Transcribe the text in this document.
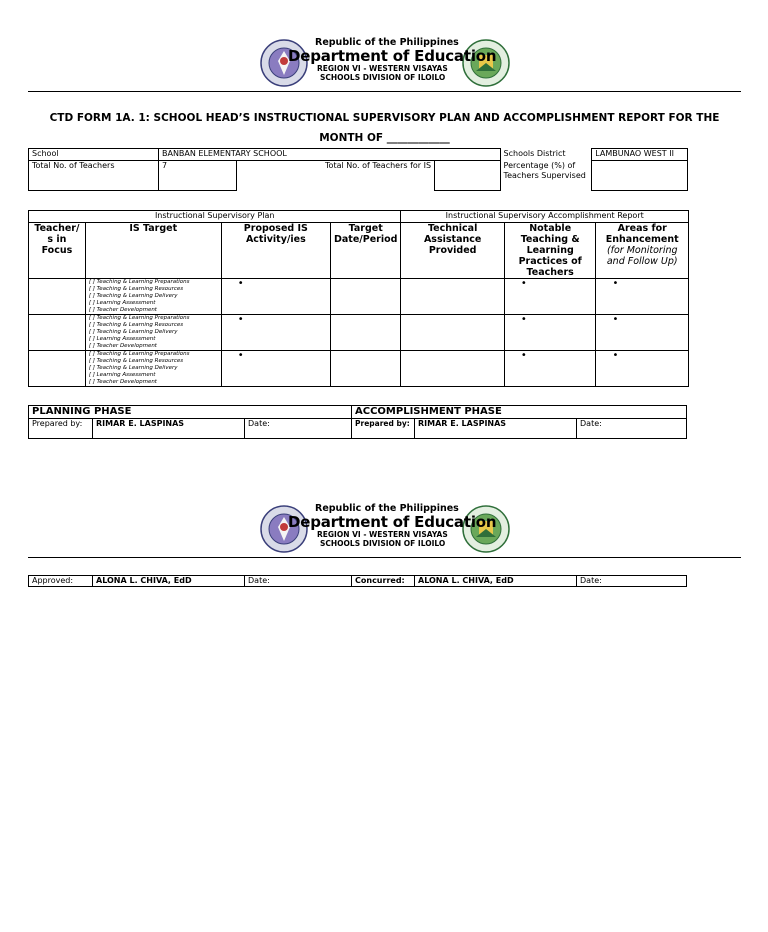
Republic of the Philippines
Department of Education
REGION VI - WESTERN VISAYAS
SCHOOLS DIVISION OF ILOILO
CTD FORM 1A. 1: SCHOOL HEAD’S INSTRUCTIONAL SUPERVISORY PLAN AND ACCOMPLISHMENT REPORT FOR THE
MONTH OF ____________
School	BANBAN ELEMENTARY SCHOOL			Schools District	LAMBUNAO WEST II
Total No. of Teachers	7	Total No. of Teachers for IS		Percentage (%) of Teachers Supervised	
Instructional Supervisory Plan				Instructional Supervisory Accomplishment Report		
Teacher/ s in Focus	IS Target	Proposed IS Activity/ies	Target Date/Period	Technical Assistance Provided	Notable Teaching & Learning Practices of Teachers	Areas for Enhancement
(for Monitoring and Follow Up)

	[ ] Teaching & Learning Preparations
[ ] Teaching & Learning Resources
[ ] Teaching & Learning Delivery
[ ] Learning Assessment
[ ] Teacher Development	•			•	•

	[ ] Teaching & Learning Preparations
[ ] Teaching & Learning Resources
[ ] Teaching & Learning Delivery
[ ] Learning Assessment
[ ] Teacher Development	•			•	•

	[ ] Teaching & Learning Preparations
[ ] Teaching & Learning Resources
[ ] Teaching & Learning Delivery
[ ] Learning Assessment
[ ] Teacher Development	•			•	•
PLANNING PHASE			ACCOMPLISHMENT PHASE		
Prepared by:	RIMAR E. LASPINAS	Date:	Prepared by:	RIMAR E. LASPINAS	Date:
Republic of the Philippines
Department of Education
REGION VI - WESTERN VISAYAS
SCHOOLS DIVISION OF ILOILO
Approved:	ALONA L. CHIVA, EdD	Date:	Concurred:	ALONA L. CHIVA, EdD	Date:
